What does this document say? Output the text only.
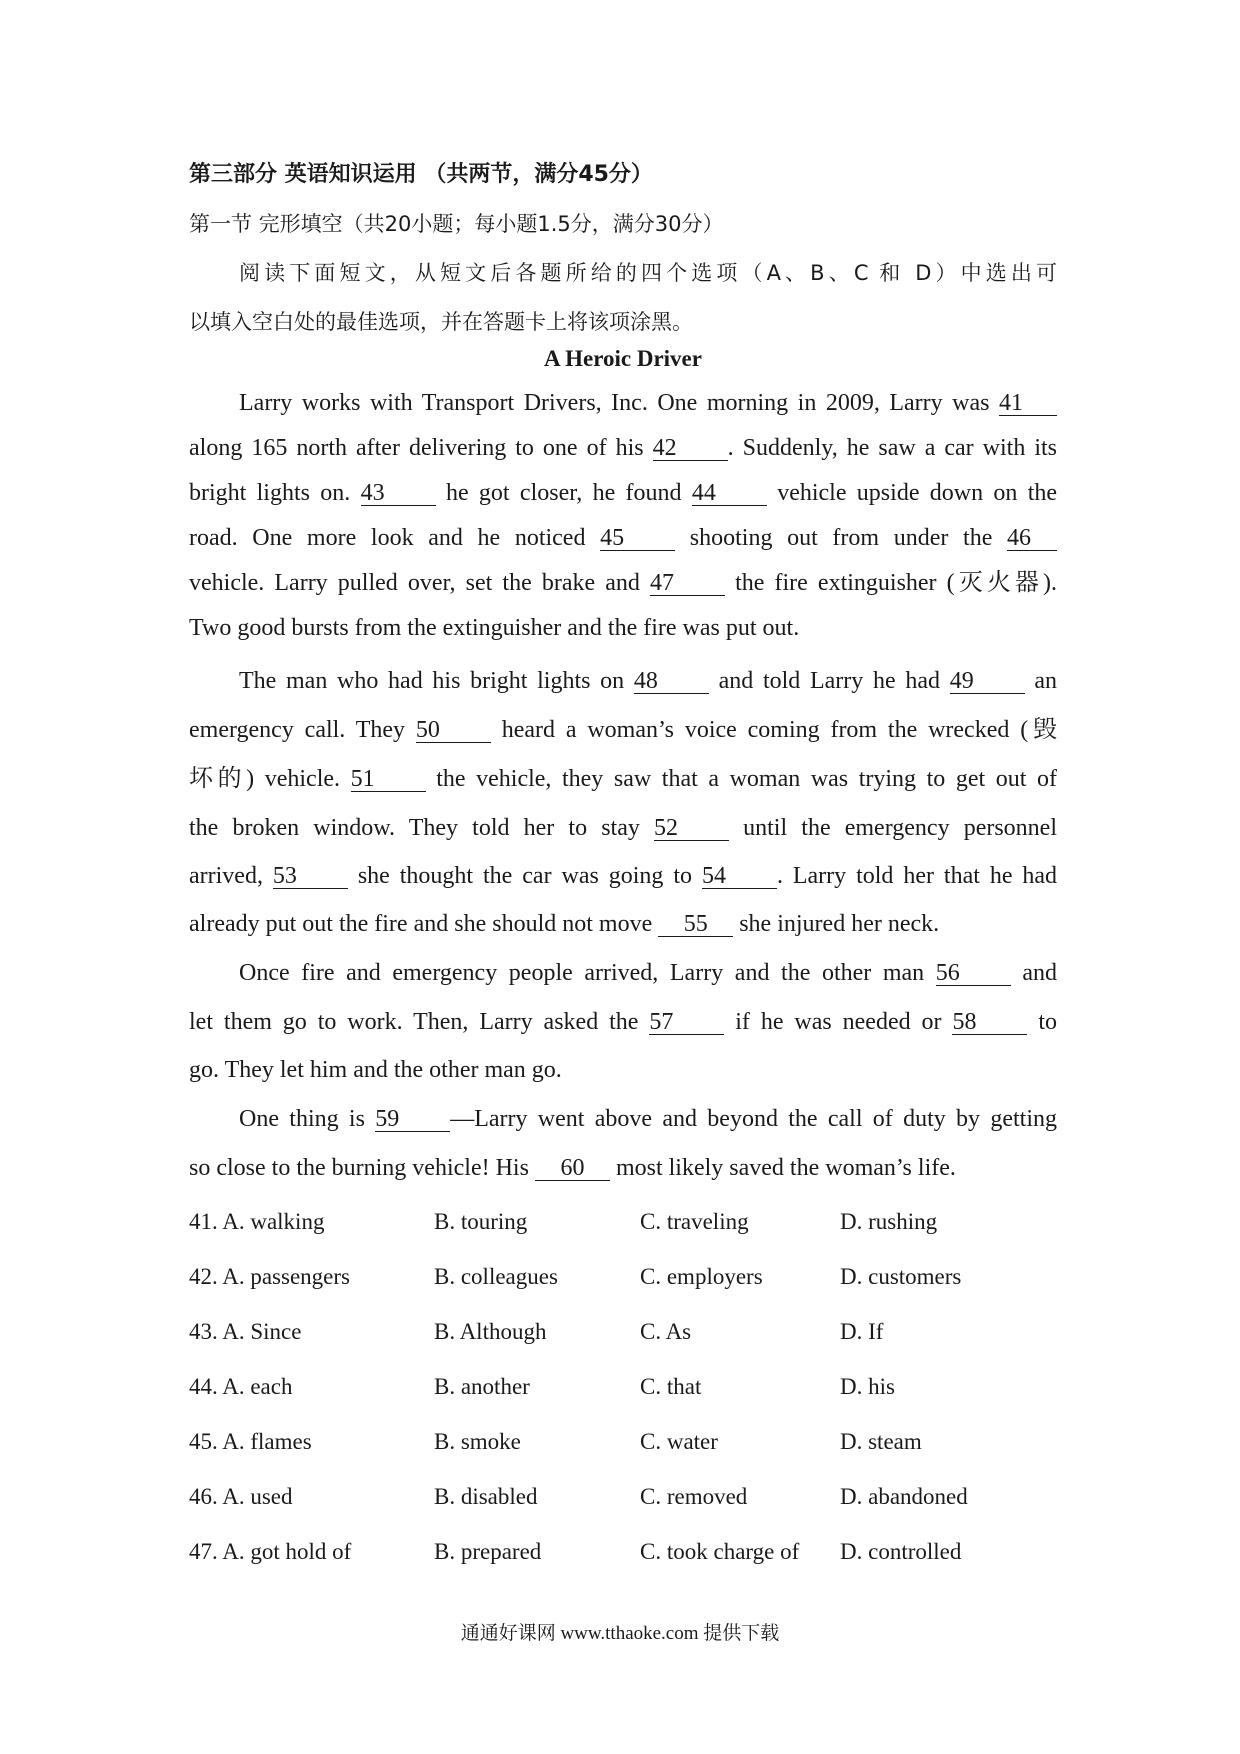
第三部分 英语知识运用 （共两节，满分45分）
第一节 完形填空（共20小题；每小题1.5分，满分30分）
阅读下面短文，从短文后各题所给的四个选项（A、B、C 和 D）中选出可
以填入空白处的最佳选项，并在答题卡上将该项涂黑。
A Heroic Driver
Larry works with Transport Drivers, Inc. One morning in 2009, Larry was 41
along 165 north after delivering to one of his 42 . Suddenly, he saw a car with its
bright lights on. 43	he got closer, he found 44	vehicle upside down on the
road. One more look and he noticed 45	shooting out from under the 46
vehicle. Larry pulled over, set the brake and 47	the fire extinguisher (灭火器).
Two good bursts from the extinguisher and the fire was put out.
The man who had his bright lights on 48	and told Larry he had 49	an
emergency call. They 50	heard a woman’s voice coming from the wrecked (毁
坏的) vehicle. 51	the vehicle, they saw that a woman was trying to get out of
the broken window. They told her to stay 52	until the emergency personnel
arrived, 53	she thought the car was going to 54 . Larry told her that he had
already put out the fire and she should not move 55 she injured her neck.
Once fire and emergency people arrived, Larry and the other man 56	and
let them go to work. Then, Larry asked the 57	if he was needed or 58	to
go. They let him and the other man go.
One thing is 59 —Larry went above and beyond the call of duty by getting
so close to the burning vehicle! His 60 most likely saved the woman’s life.
41. A. walking	B. touring	C. traveling	D. rushing
42. A. passengers	B. colleagues	C. employers	D. customers
43. A. Since	B. Although	C. As	D. If
44. A. each	B. another	C. that	D. his
45. A. flames	B. smoke	C. water	D. steam
46. A. used	B. disabled	C. removed	D. abandoned
47. A. got hold of	B. prepared	C. took charge of D. controlled
通通好课网 www.tthaoke.com 提供下载
